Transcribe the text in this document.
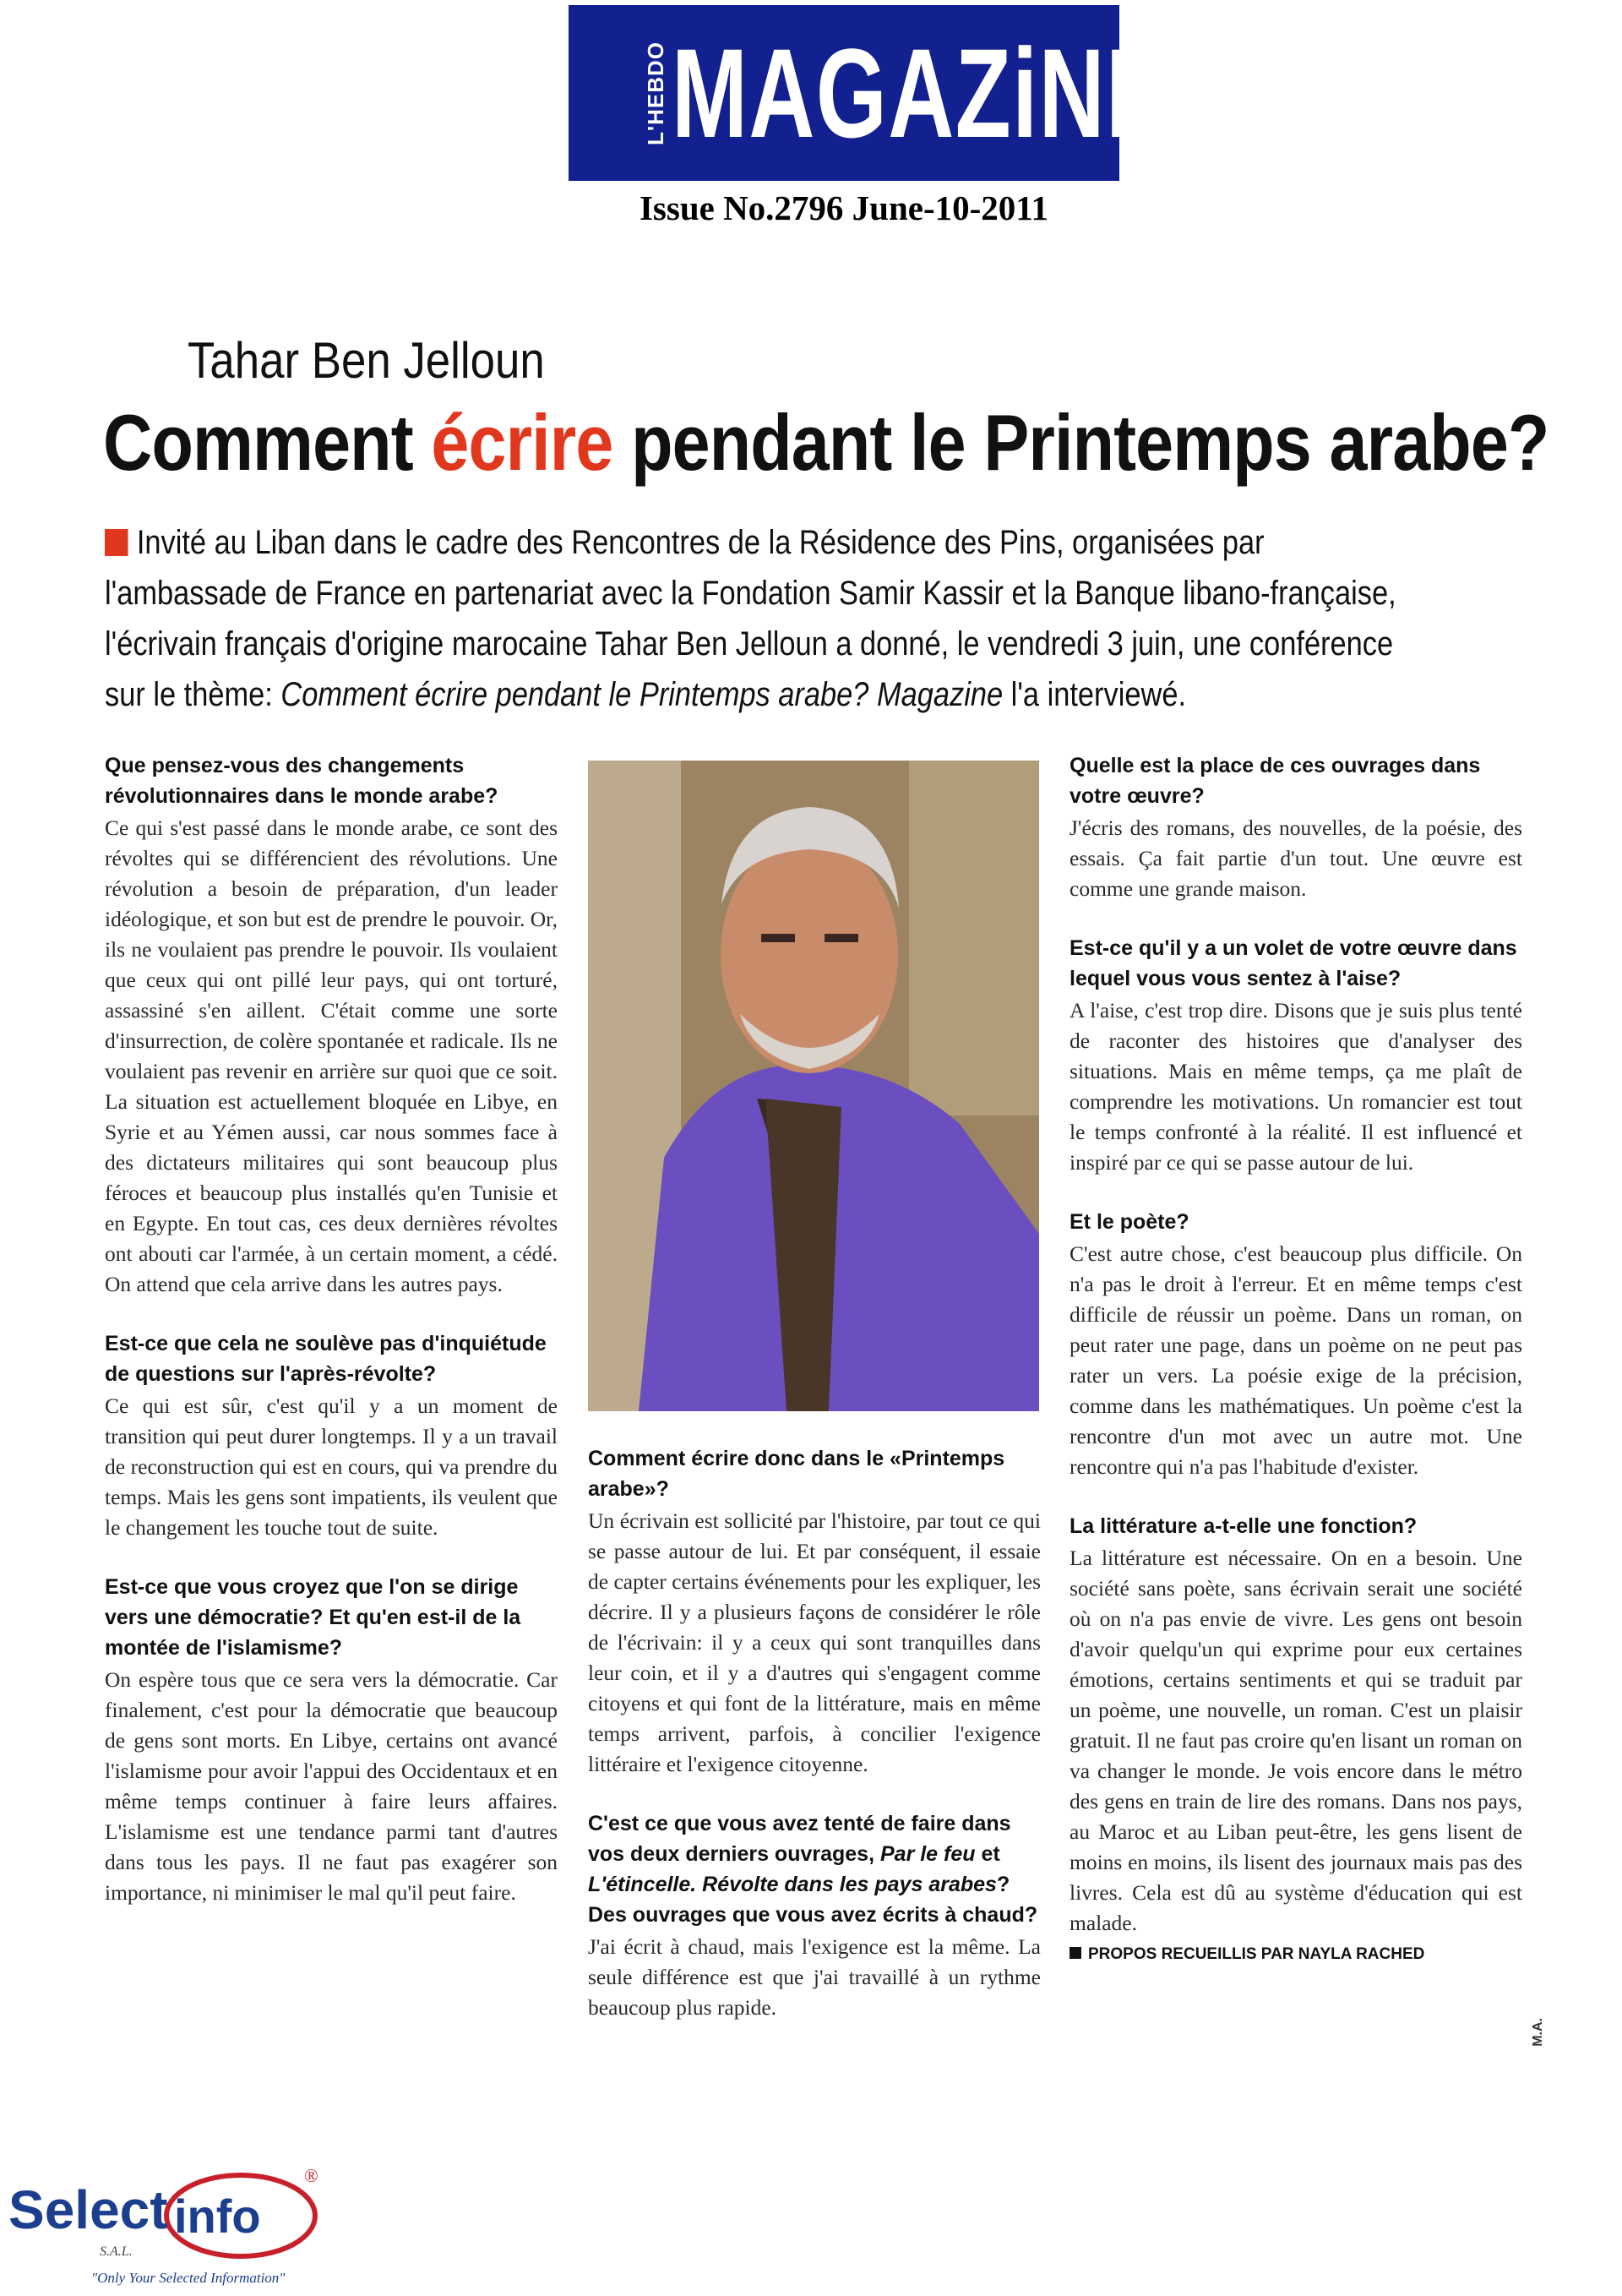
L'HEBDO MAGAZiNE
Issue No.2796 June-10-2011
Tahar Ben Jelloun
Comment écrire pendant le Printemps arabe?
Invité au Liban dans le cadre des Rencontres de la Résidence des Pins, organisées par
l'ambassade de France en partenariat avec la Fondation Samir Kassir et la Banque libano-française,
l'écrivain français d'origine marocaine Tahar Ben Jelloun a donné, le vendredi 3 juin, une conférence
sur le thème: Comment écrire pendant le Printemps arabe? Magazine l'a interviewé.
Que pensez-vous des changements révolutionnaires dans le monde arabe?
Ce qui s'est passé dans le monde arabe, ce sont des révoltes qui se différencient des révolutions. Une révolution a besoin de préparation, d'un leader idéologique, et son but est de prendre le pouvoir. Or, ils ne voulaient pas prendre le pouvoir. Ils voulaient que ceux qui ont pillé leur pays, qui ont torturé, assassiné s'en aillent. C'était comme une sorte d'insurrection, de colère spontanée et radicale. Ils ne voulaient pas revenir en arrière sur quoi que ce soit. La situation est actuellement bloquée en Libye, en Syrie et au Yémen aussi, car nous sommes face à des dictateurs militaires qui sont beaucoup plus féroces et beaucoup plus installés qu'en Tunisie et en Egypte. En tout cas, ces deux dernières révoltes ont abouti car l'armée, à un certain moment, a cédé. On attend que cela arrive dans les autres pays.
Est-ce que cela ne soulève pas d'inquiétude de questions sur l'après-révolte?
Ce qui est sûr, c'est qu'il y a un moment de transition qui peut durer longtemps. Il y a un travail de reconstruction qui est en cours, qui va prendre du temps. Mais les gens sont impatients, ils veulent que le changement les touche tout de suite.
Est-ce que vous croyez que l'on se dirige vers une démocratie? Et qu'en est-il de la montée de l'islamisme?
On espère tous que ce sera vers la démocratie. Car finalement, c'est pour la démocratie que beaucoup de gens sont morts. En Libye, certains ont avancé l'islamisme pour avoir l'appui des Occidentaux et en même temps continuer à faire leurs affaires. L'islamisme est une tendance parmi tant d'autres dans tous les pays. Il ne faut pas exagérer son importance, ni minimiser le mal qu'il peut faire.
Comment écrire donc dans le «Printemps arabe»?
Un écrivain est sollicité par l'histoire, par tout ce qui se passe autour de lui. Et par conséquent, il essaie de capter certains événements pour les expliquer, les décrire. Il y a plusieurs façons de considérer le rôle de l'écrivain: il y a ceux qui sont tranquilles dans leur coin, et il y a d'autres qui s'engagent comme citoyens et qui font de la littérature, mais en même temps arrivent, parfois, à concilier l'exigence littéraire et l'exigence citoyenne.
C'est ce que vous avez tenté de faire dans vos deux derniers ouvrages, Par le feu et L'étincelle. Révolte dans les pays arabes? Des ouvrages que vous avez écrits à chaud?
J'ai écrit à chaud, mais l'exigence est la même. La seule différence est que j'ai travaillé à un rythme beaucoup plus rapide.
Quelle est la place de ces ouvrages dans votre œuvre?
J'écris des romans, des nouvelles, de la poésie, des essais. Ça fait partie d'un tout. Une œuvre est comme une grande maison.
Est-ce qu'il y a un volet de votre œuvre dans lequel vous vous sentez à l'aise?
A l'aise, c'est trop dire. Disons que je suis plus tenté de raconter des histoires que d'analyser des situations. Mais en même temps, ça me plaît de comprendre les motivations. Un romancier est tout le temps confronté à la réalité. Il est influencé et inspiré par ce qui se passe autour de lui.
Et le poète?
C'est autre chose, c'est beaucoup plus difficile. On n'a pas le droit à l'erreur. Et en même temps c'est difficile de réussir un poème. Dans un roman, on peut rater une page, dans un poème on ne peut pas rater un vers. La poésie exige de la précision, comme dans les mathématiques. Un poème c'est la rencontre d'un mot avec un autre mot. Une rencontre qui n'a pas l'habitude d'exister.
La littérature a-t-elle une fonction?
La littérature est nécessaire. On en a besoin. Une société sans poète, sans écrivain serait une société où on n'a pas envie de vivre. Les gens ont besoin d'avoir quelqu'un qui exprime pour eux certaines émotions, certains sentiments et qui se traduit par un poème, une nouvelle, un roman. C'est un plaisir gratuit. Il ne faut pas croire qu'en lisant un roman on va changer le monde. Je vois encore dans le métro des gens en train de lire des romans. Dans nos pays, au Maroc et au Liban peut-être, les gens lisent de moins en moins, ils lisent des journaux mais pas des livres. Cela est dû au système d'éducation qui est malade.
PROPOS RECUEILLIS PAR NAYLA RACHED
M.A.
Select info
®
S.A.L.
"Only Your Selected Information"
